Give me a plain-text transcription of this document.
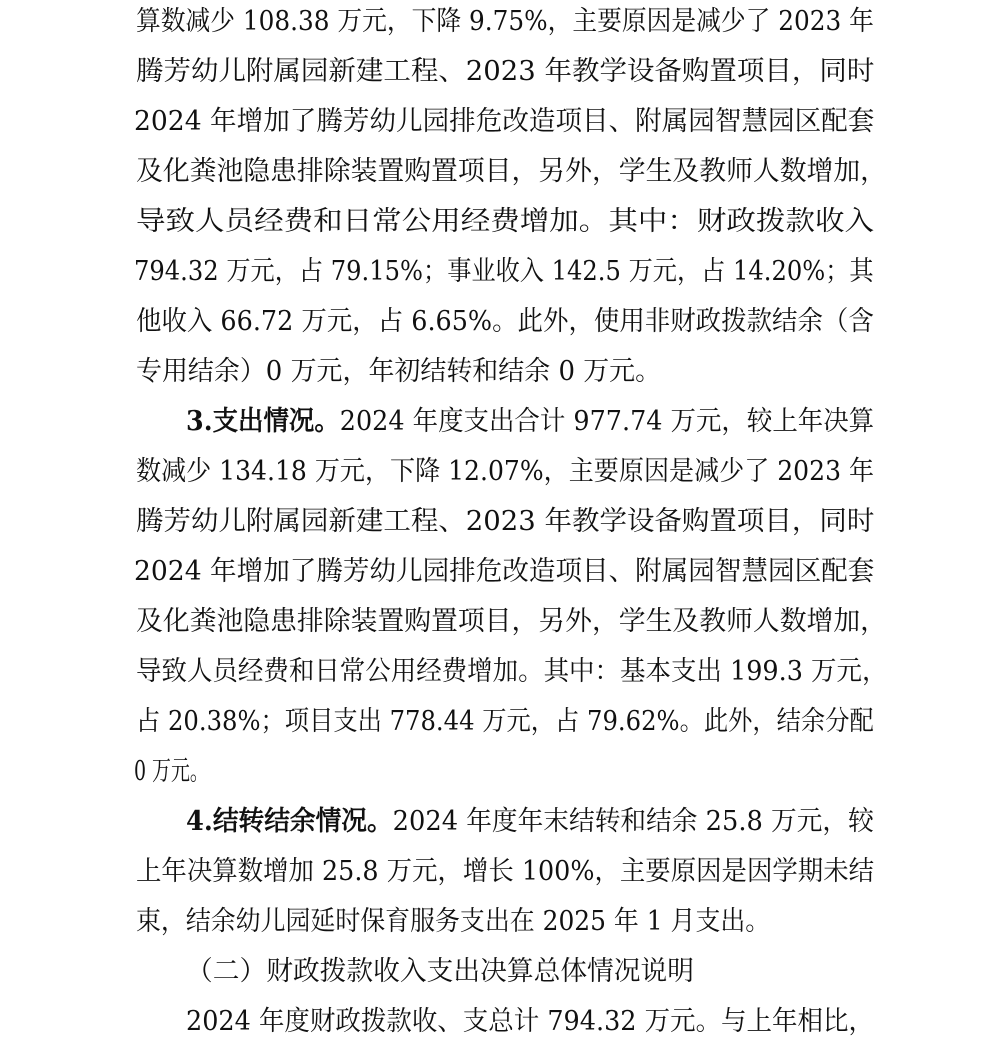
算数减少 108.38 万元，下降 9.75%，主要原因是减少了 2023 年
腾芳幼儿附属园新建工程、2023 年教学设备购置项目，同时
2024 年增加了腾芳幼儿园排危改造项目、附属园智慧园区配套
及化粪池隐患排除装置购置项目，另外，学生及教师人数增加，
导致人员经费和日常公用经费增加。其中：财政拨款收入
794.32 万元，占 79.15%；事业收入 142.5 万元，占 14.20%；其
他收入 66.72 万元，占 6.65%。此外，使用非财政拨款结余（含
专用结余）0 万元，年初结转和结余 0 万元。
3.支出情况。2024 年度支出合计 977.74 万元，较上年决算
数减少 134.18 万元，下降 12.07%，主要原因是减少了 2023 年
腾芳幼儿附属园新建工程、2023 年教学设备购置项目，同时
2024 年增加了腾芳幼儿园排危改造项目、附属园智慧园区配套
及化粪池隐患排除装置购置项目，另外，学生及教师人数增加，
导致人员经费和日常公用经费增加。其中：基本支出 199.3 万元，
占 20.38%；项目支出 778.44 万元，占 79.62%。此外，结余分配
0 万元。
4.结转结余情况。2024 年度年末结转和结余 25.8 万元，较
上年决算数增加 25.8 万元，增长 100%，主要原因是因学期未结
束，结余幼儿园延时保育服务支出在 2025 年 1 月支出。
（二）财政拨款收入支出决算总体情况说明
2024 年度财政拨款收、支总计 794.32 万元。与上年相比，
